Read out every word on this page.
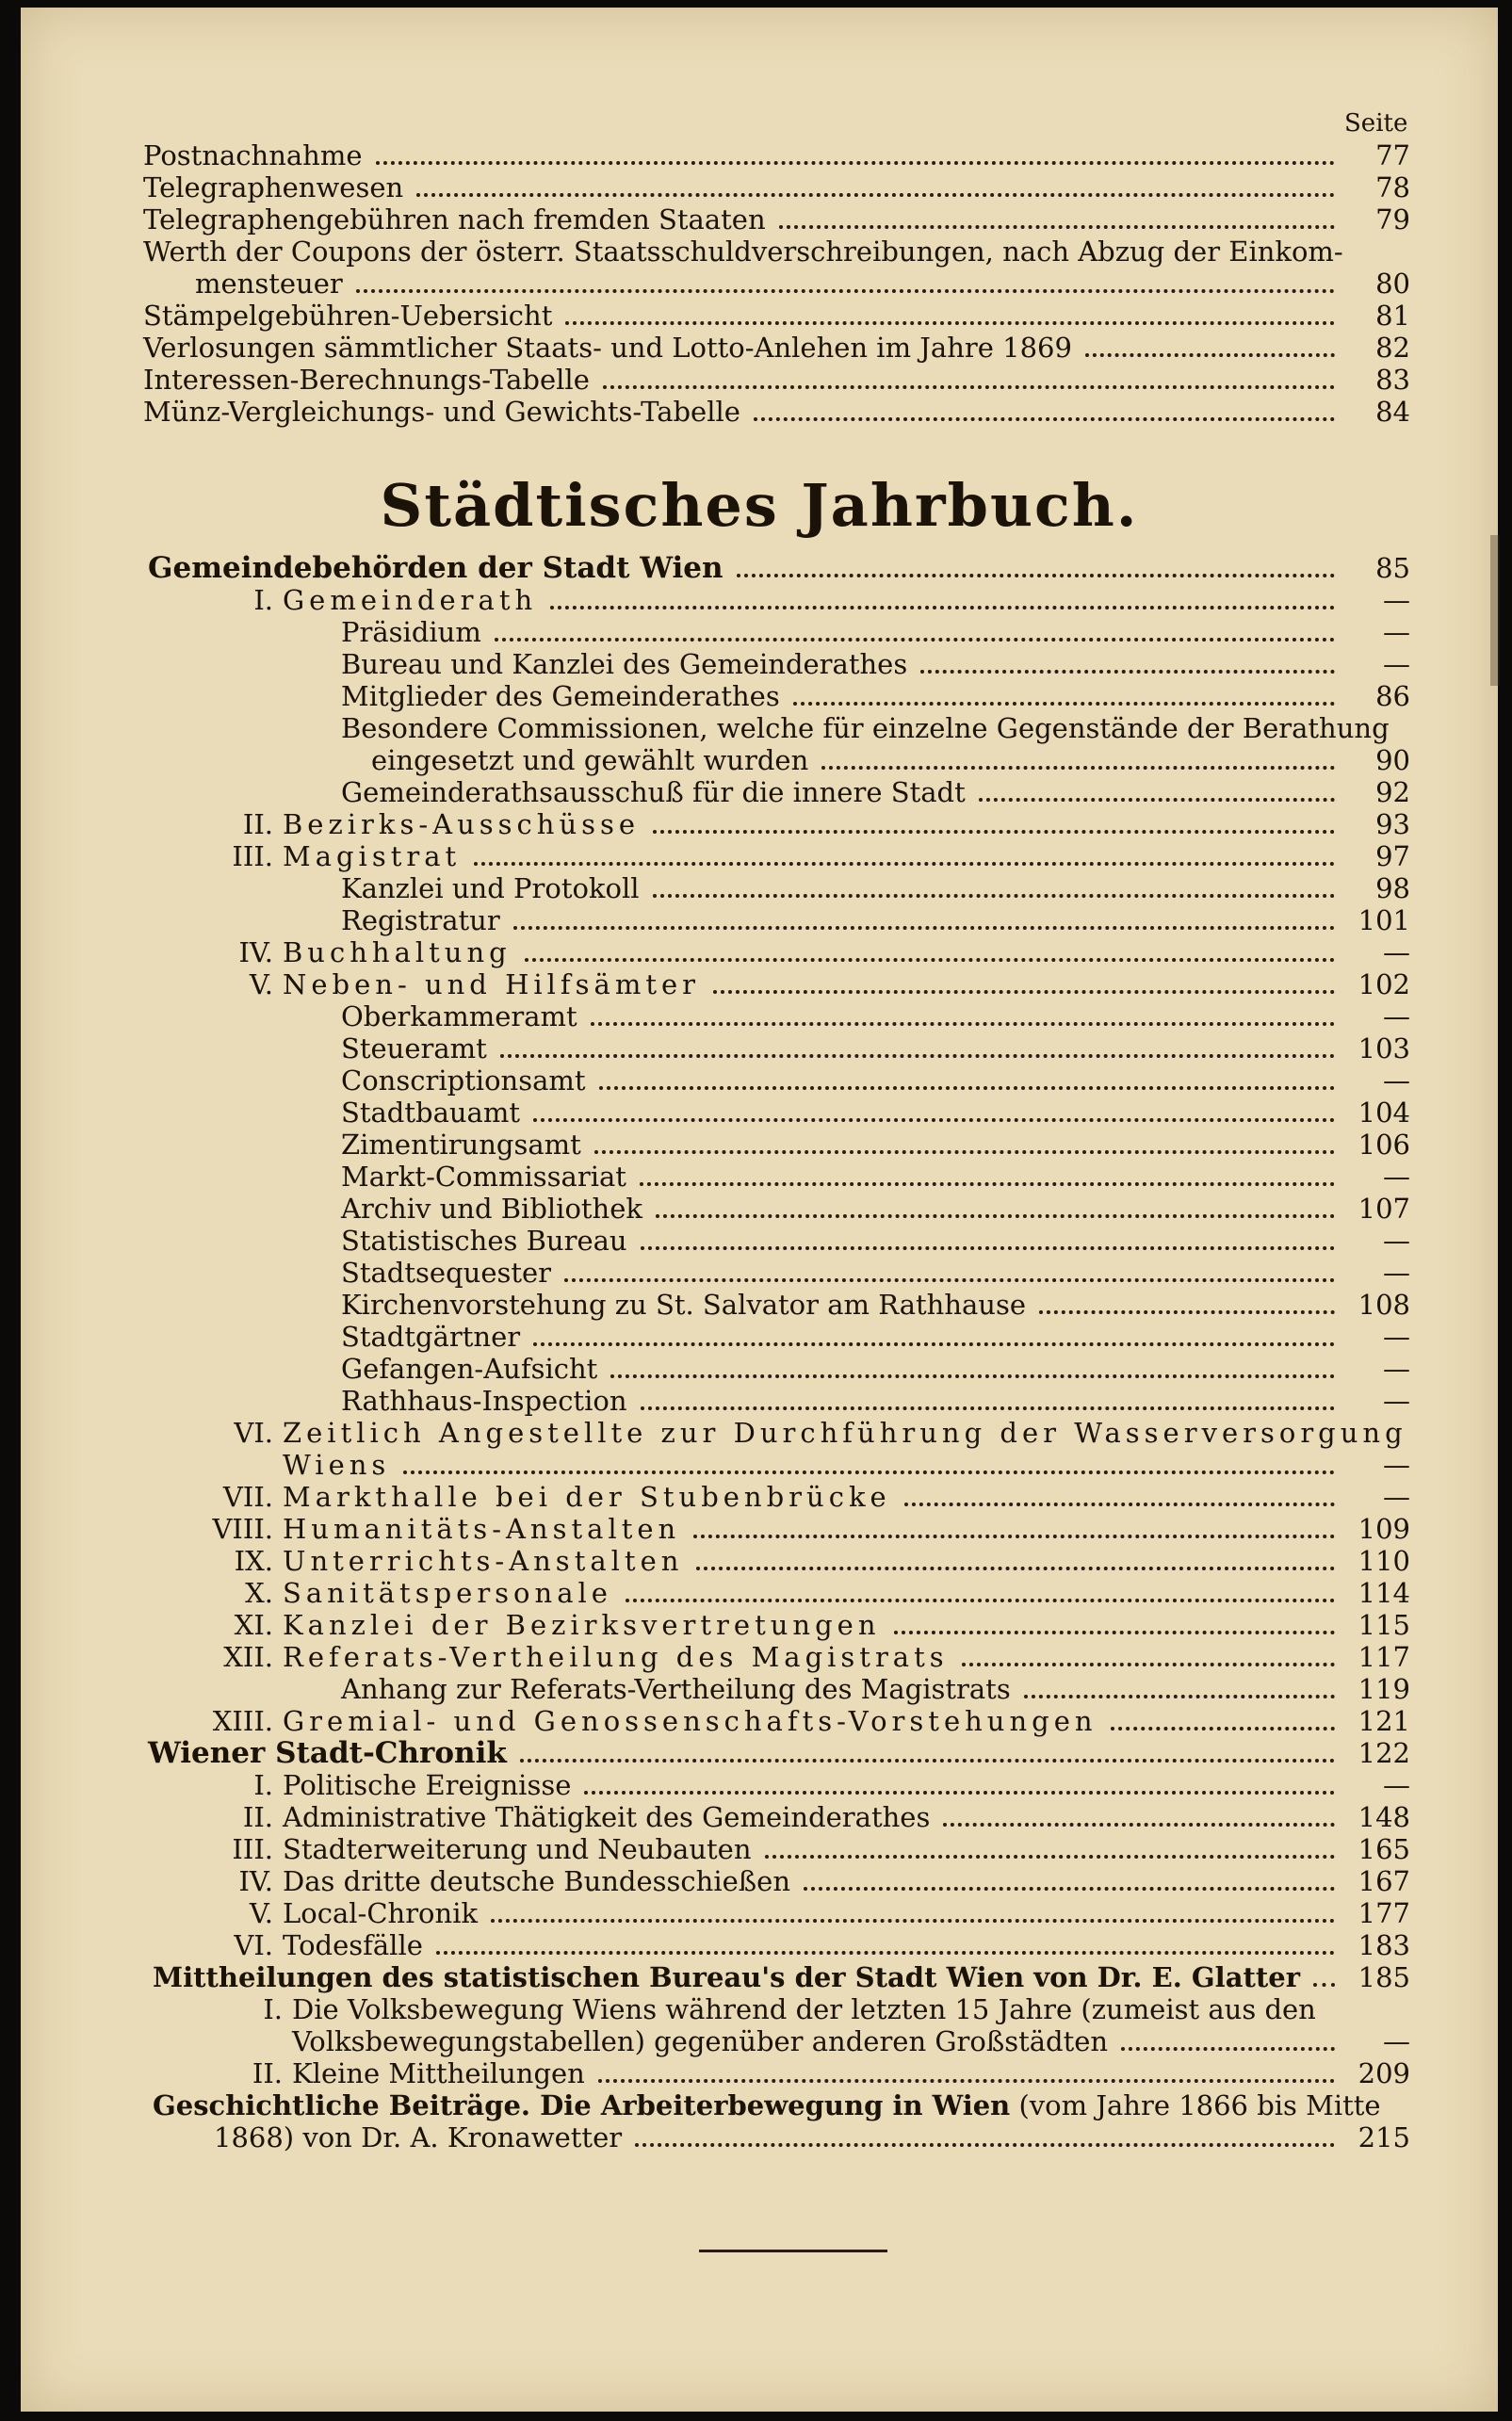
Seite
Postnachnahme	77
Telegraphenwesen	78
Telegraphengebühren nach fremden Staaten	79
Werth der Coupons der österr. Staatsschuldverschreibungen, nach Abzug der Einkom-
mensteuer	80
Stämpelgebühren-Uebersicht	81
Verlosungen sämmtlicher Staats- und Lotto-Anlehen im Jahre 1869	82
Interessen-Berechnungs-Tabelle	83
Münz-Vergleichungs- und Gewichts-Tabelle	84
Städtisches Jahrbuch.
Gemeindebehörden der Stadt Wien	85
I. Gemeinderath	—
Präsidium	—
Bureau und Kanzlei des Gemeinderathes	—
Mitglieder des Gemeinderathes	86
Besondere Commissionen, welche für einzelne Gegenstände der Berathung
eingesetzt und gewählt wurden	90
Gemeinderathsausschuß für die innere Stadt	92
II. Bezirks-Ausschüsse	93
III. Magistrat	97
Kanzlei und Protokoll	98
Registratur	101
IV. Buchhaltung	—
V. Neben- und Hilfsämter	102
Oberkammeramt	—
Steueramt	103
Conscriptionsamt	—
Stadtbauamt	104
Zimentirungsamt	106
Markt-Commissariat	—
Archiv und Bibliothek	107
Statistisches Bureau	—
Stadtsequester	—
Kirchenvorstehung zu St. Salvator am Rathhause	108
Stadtgärtner	—
Gefangen-Aufsicht	—
Rathhaus-Inspection	—
VI. Zeitlich Angestellte zur Durchführung der Wasserversorgung
Wiens	—
VII. Markthalle bei der Stubenbrücke	—
VIII. Humanitäts-Anstalten	109
IX. Unterrichts-Anstalten	110
X. Sanitätspersonale	114
XI. Kanzlei der Bezirksvertretungen	115
XII. Referats-Vertheilung des Magistrats	117
Anhang zur Referats-Vertheilung des Magistrats	119
XIII. Gremial- und Genossenschafts-Vorstehungen	121
Wiener Stadt-Chronik	122
I. Politische Ereignisse	—
II. Administrative Thätigkeit des Gemeinderathes	148
III. Stadterweiterung und Neubauten	165
IV. Das dritte deutsche Bundesschießen	167
V. Local-Chronik	177
VI. Todesfälle	183
Mittheilungen des statistischen Bureau's der Stadt Wien von Dr. E. Glatter	185
I. Die Volksbewegung Wiens während der letzten 15 Jahre (zumeist aus den
Volksbewegungstabellen) gegenüber anderen Großstädten	—
II. Kleine Mittheilungen	209
Geschichtliche Beiträge. Die Arbeiterbewegung in Wien (vom Jahre 1866 bis Mitte
1868) von Dr. A. Kronawetter	215
